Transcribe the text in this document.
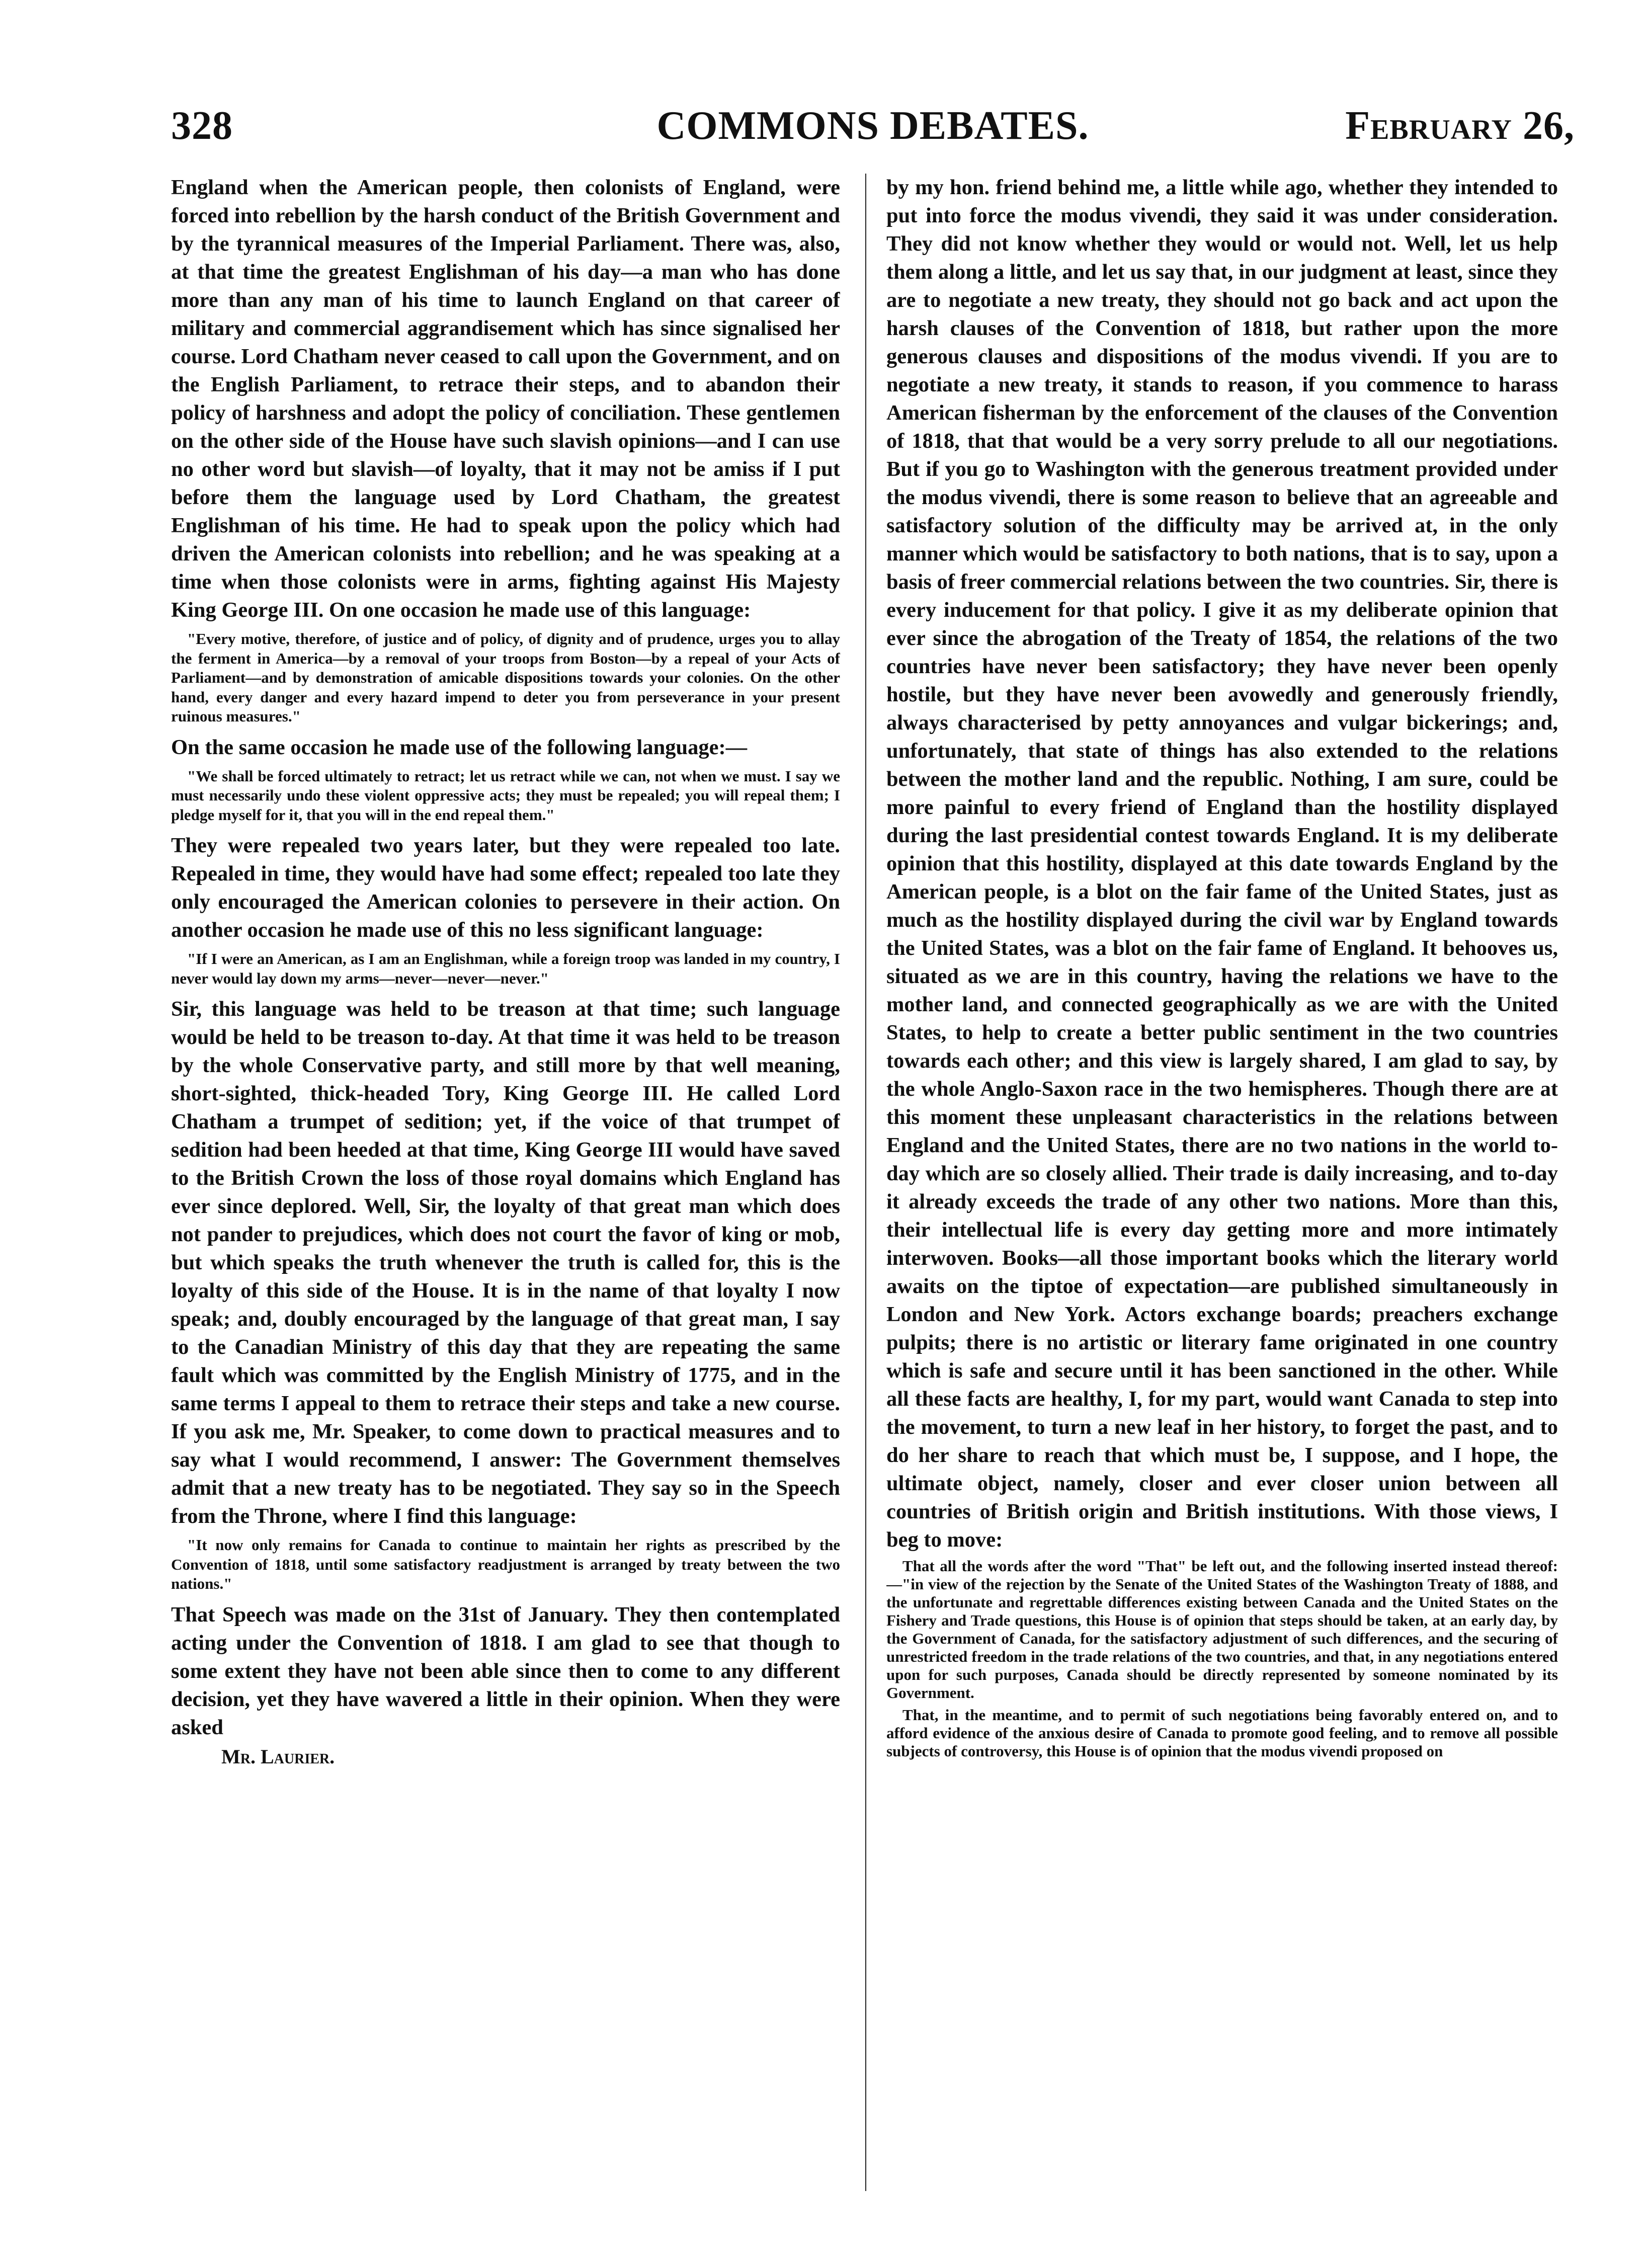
328	COMMONS DEBATES.	February 26,

England when the American people, then colonists of England, were forced into rebellion by the harsh conduct of the British Government and by the tyrannical measures of the Imperial Parliament. There was, also, at that time the greatest Englishman of his day—a man who has done more than any man of his time to launch England on that career of military and commercial aggrandisement which has since signalised her course. Lord Chatham never ceased to call upon the Government, and on the English Parliament, to retrace their steps, and to abandon their policy of harshness and adopt the policy of conciliation. These gentlemen on the other side of the House have such slavish opinions—and I can use no other word but slavish—of loyalty, that it may not be amiss if I put before them the language used by Lord Chatham, the greatest Englishman of his time. He had to speak upon the policy which had driven the American colonists into rebellion; and he was speaking at a time when those colonists were in arms, fighting against His Majesty King George III. On one occasion he made use of this language:

"Every motive, therefore, of justice and of policy, of dignity and of prudence, urges you to allay the ferment in America—by a removal of your troops from Boston—by a repeal of your Acts of Parliament—and by demonstration of amicable dispositions towards your colonies. On the other hand, every danger and every hazard impend to deter you from perseverance in your present ruinous measures."

On the same occasion he made use of the following language:—

"We shall be forced ultimately to retract; let us retract while we can, not when we must. I say we must necessarily undo these violent oppressive acts; they must be repealed; you will repeal them; I pledge myself for it, that you will in the end repeal them."

They were repealed two years later, but they were repealed too late. Repealed in time, they would have had some effect; repealed too late they only encouraged the American colonies to persevere in their action. On another occasion he made use of this no less significant language:

"If I were an American, as I am an Englishman, while a foreign troop was landed in my country, I never would lay down my arms—never—never—never."

Sir, this language was held to be treason at that time; such language would be held to be treason to-day. At that time it was held to be treason by the whole Conservative party, and still more by that well meaning, short-sighted, thick-headed Tory, King George III. He called Lord Chatham a trumpet of sedition; yet, if the voice of that trumpet of sedition had been heeded at that time, King George III would have saved to the British Crown the loss of those royal domains which England has ever since deplored. Well, Sir, the loyalty of that great man which does not pander to prejudices, which does not court the favor of king or mob, but which speaks the truth whenever the truth is called for, this is the loyalty of this side of the House. It is in the name of that loyalty I now speak; and, doubly encouraged by the language of that great man, I say to the Canadian Ministry of this day that they are repeating the same fault which was committed by the English Ministry of 1775, and in the same terms I appeal to them to retrace their steps and take a new course. If you ask me, Mr. Speaker, to come down to practical measures and to say what I would recommend, I answer: The Government themselves admit that a new treaty has to be negotiated. They say so in the Speech from the Throne, where I find this language:

"It now only remains for Canada to continue to maintain her rights as prescribed by the Convention of 1818, until some satisfactory readjustment is arranged by treaty between the two nations."

That Speech was made on the 31st of January. They then contemplated acting under the Convention of 1818. I am glad to see that though to some extent they have not been able since then to come to any different decision, yet they have wavered a little in their opinion. When they were asked

Mr. Laurier.

by my hon. friend behind me, a little while ago, whether they intended to put into force the modus vivendi, they said it was under consideration. They did not know whether they would or would not. Well, let us help them along a little, and let us say that, in our judgment at least, since they are to negotiate a new treaty, they should not go back and act upon the harsh clauses of the Convention of 1818, but rather upon the more generous clauses and dispositions of the modus vivendi. If you are to negotiate a new treaty, it stands to reason, if you commence to harass American fisherman by the enforcement of the clauses of the Convention of 1818, that that would be a very sorry prelude to all our negotiations. But if you go to Washington with the generous treatment provided under the modus vivendi, there is some reason to believe that an agreeable and satisfactory solution of the difficulty may be arrived at, in the only manner which would be satisfactory to both nations, that is to say, upon a basis of freer commercial relations between the two countries. Sir, there is every inducement for that policy. I give it as my deliberate opinion that ever since the abrogation of the Treaty of 1854, the relations of the two countries have never been satisfactory; they have never been openly hostile, but they have never been avowedly and generously friendly, always characterised by petty annoyances and vulgar bickerings; and, unfortunately, that state of things has also extended to the relations between the mother land and the republic. Nothing, I am sure, could be more painful to every friend of England than the hostility displayed during the last presidential contest towards England. It is my deliberate opinion that this hostility, displayed at this date towards England by the American people, is a blot on the fair fame of the United States, just as much as the hostility displayed during the civil war by England towards the United States, was a blot on the fair fame of England. It behooves us, situated as we are in this country, having the relations we have to the mother land, and connected geographically as we are with the United States, to help to create a better public sentiment in the two countries towards each other; and this view is largely shared, I am glad to say, by the whole Anglo-Saxon race in the two hemispheres. Though there are at this moment these unpleasant characteristics in the relations between England and the United States, there are no two nations in the world to-day which are so closely allied. Their trade is daily increasing, and to-day it already exceeds the trade of any other two nations. More than this, their intellectual life is every day getting more and more intimately interwoven. Books—all those important books which the literary world awaits on the tiptoe of expectation—are published simultaneously in London and New York. Actors exchange boards; preachers exchange pulpits; there is no artistic or literary fame originated in one country which is safe and secure until it has been sanctioned in the other. While all these facts are healthy, I, for my part, would want Canada to step into the movement, to turn a new leaf in her history, to forget the past, and to do her share to reach that which must be, I suppose, and I hope, the ultimate object, namely, closer and ever closer union between all countries of British origin and British institutions. With those views, I beg to move:

That all the words after the word "That" be left out, and the following inserted instead thereof:—"in view of the rejection by the Senate of the United States of the Washington Treaty of 1888, and the unfortunate and regrettable differences existing between Canada and the United States on the Fishery and Trade questions, this House is of opinion that steps should be taken, at an early day, by the Government of Canada, for the satisfactory adjustment of such differences, and the securing of unrestricted freedom in the trade relations of the two countries, and that, in any negotiations entered upon for such purposes, Canada should be directly represented by someone nominated by its Government.

That, in the meantime, and to permit of such negotiations being favorably entered on, and to afford evidence of the anxious desire of Canada to promote good feeling, and to remove all possible subjects of controversy, this House is of opinion that the modus vivendi proposed on
